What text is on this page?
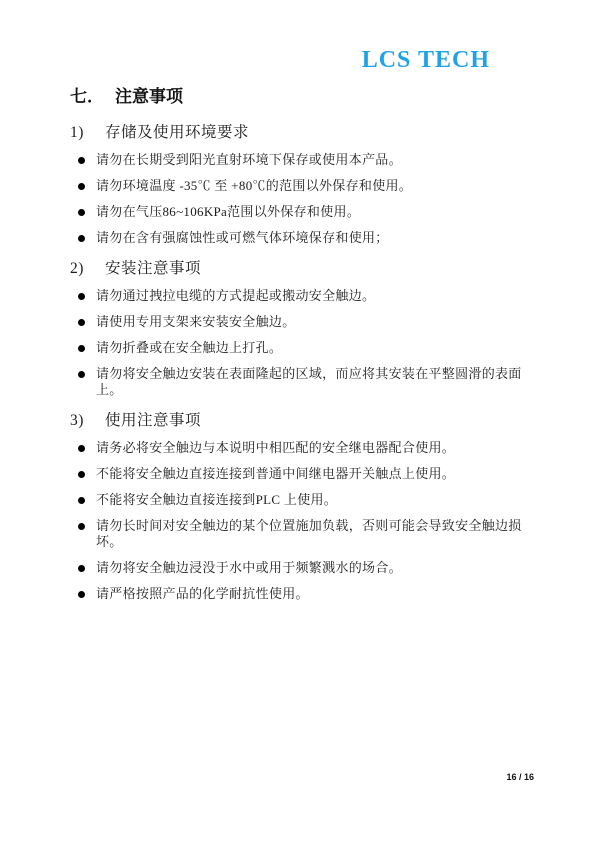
LCS TECH
七． 注意事项
1) 存储及使用环境要求
请勿在长期受到阳光直射环境下保存或使用本产品。
请勿环境温度 -35℃ 至 +80℃的范围以外保存和使用。
请勿在气压86~106KPa范围以外保存和使用。
请勿在含有强腐蚀性或可燃气体环境保存和使用；
2) 安装注意事项
请勿通过拽拉电缆的方式提起或搬动安全触边。
请使用专用支架来安装安全触边。
请勿折叠或在安全触边上打孔。
请勿将安全触边安装在表面隆起的区域，而应将其安装在平整圆滑的表面上。
3) 使用注意事项
请务必将安全触边与本说明中相匹配的安全继电器配合使用。
不能将安全触边直接连接到普通中间继电器开关触点上使用。
不能将安全触边直接连接到PLC 上使用。
请勿长时间对安全触边的某个位置施加负载，否则可能会导致安全触边损坏。
请勿将安全触边浸没于水中或用于频繁溅水的场合。
请严格按照产品的化学耐抗性使用。
16 / 16
